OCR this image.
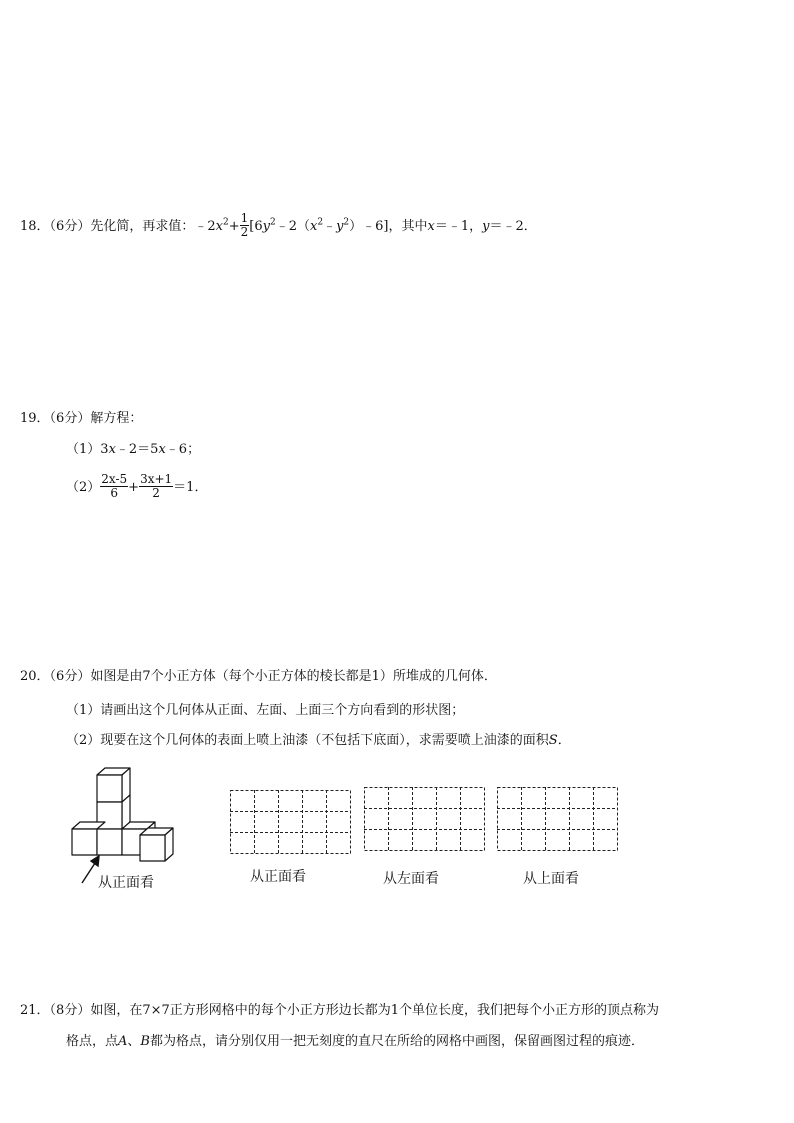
18．（6分）先化简，再求值：$﹣2x^2+ \frac{1}{2}$ $[6y^2﹣2(x^2﹣y^2)﹣6]$，其中x＝﹣1，y＝﹣2．
19．（6分）解方程：
（1）3x﹣2＝5x﹣6；
$(2) \frac{2x-5}{6} + \frac{3x+1}{2} =1$．
20．（6分）如图是由7个小正方体（每个小正方体的棱长都是1）所堆成的几何体．
（1）请画出这个几何体从正面、左面、上面三个方向看到的形状图；
（2）现要在这个几何体的表面上喷上油漆（不包括下底面），求需要喷上油漆的面积S．
从正面看	从正面看	从左面看	从上面看
21．（8分）如图，在7×7正方形网格中的每个小正方形边长都为1个单位长度，我们把每个小正方形的顶点称为
格点，点A、B都为格点，请分别仅用一把无刻度的直尺在所给的网格中画图，保留画图过程的痕迹．
